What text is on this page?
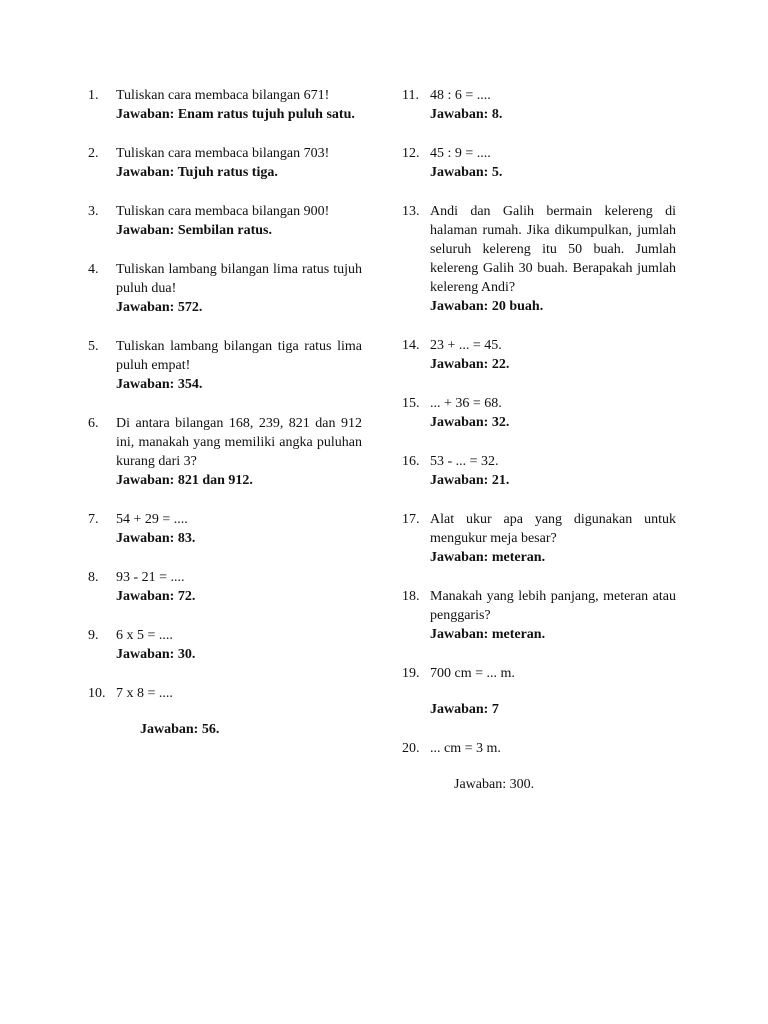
1.	Tuliskan cara membaca bilangan 671!
Jawaban: Enam ratus tujuh puluh satu.
2.	Tuliskan cara membaca bilangan 703!
Jawaban: Tujuh ratus tiga.
3.	Tuliskan cara membaca bilangan 900!
Jawaban: Sembilan ratus.
4.	Tuliskan lambang bilangan lima ratus tujuh puluh dua!
Jawaban: 572.
5.	Tuliskan lambang bilangan tiga ratus lima puluh empat!
Jawaban: 354.
6.	Di antara bilangan 168, 239, 821 dan 912 ini, manakah yang memiliki angka puluhan kurang dari 3?
Jawaban: 821 dan 912.
7.	54 + 29 = ....
Jawaban: 83.
8.	93 - 21 = ....
Jawaban: 72.
9.	6 x 5 = ....
Jawaban: 30.
10. 7 x 8 = ....
Jawaban: 56.
11. 48 : 6 = ....
Jawaban: 8.
12. 45 : 9 = ....
Jawaban: 5.
13. Andi dan Galih bermain kelereng di halaman rumah. Jika dikumpulkan, jumlah seluruh kelereng itu 50 buah. Jumlah kelereng Galih 30 buah. Berapakah jumlah kelereng Andi?
Jawaban: 20 buah.
14. 23 + ... = 45.
Jawaban: 22.
15. ... + 36 = 68.
Jawaban: 32.
16. 53 - ... = 32.
Jawaban: 21.
17. Alat ukur apa yang digunakan untuk mengukur meja besar?
Jawaban: meteran.
18. Manakah yang lebih panjang, meteran atau penggaris?
Jawaban: meteran.
19. 700 cm = ... m.
Jawaban: 7
20. ... cm = 3 m.
Jawaban: 300.
